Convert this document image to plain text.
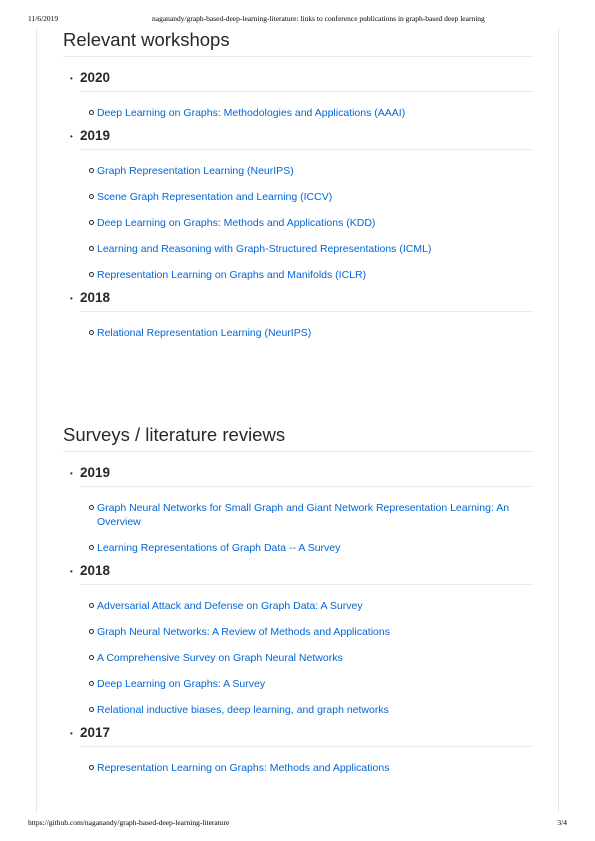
11/6/2019	naganandy/graph-based-deep-learning-literature: links to conference publications in graph-based deep learning
Relevant workshops
• 2020
Deep Learning on Graphs: Methodologies and Applications (AAAI)
• 2019
Graph Representation Learning (NeurIPS)
Scene Graph Representation and Learning (ICCV)
Deep Learning on Graphs: Methods and Applications (KDD)
Learning and Reasoning with Graph-Structured Representations (ICML)
Representation Learning on Graphs and Manifolds (ICLR)
• 2018
Relational Representation Learning (NeurIPS)
Surveys / literature reviews
• 2019
Graph Neural Networks for Small Graph and Giant Network Representation Learning: An Overview
Learning Representations of Graph Data -- A Survey
• 2018
Adversarial Attack and Defense on Graph Data: A Survey
Graph Neural Networks: A Review of Methods and Applications
A Comprehensive Survey on Graph Neural Networks
Deep Learning on Graphs: A Survey
Relational inductive biases, deep learning, and graph networks
• 2017
Representation Learning on Graphs: Methods and Applications
https://github.com/naganandy/graph-based-deep-learning-literature	3/4
